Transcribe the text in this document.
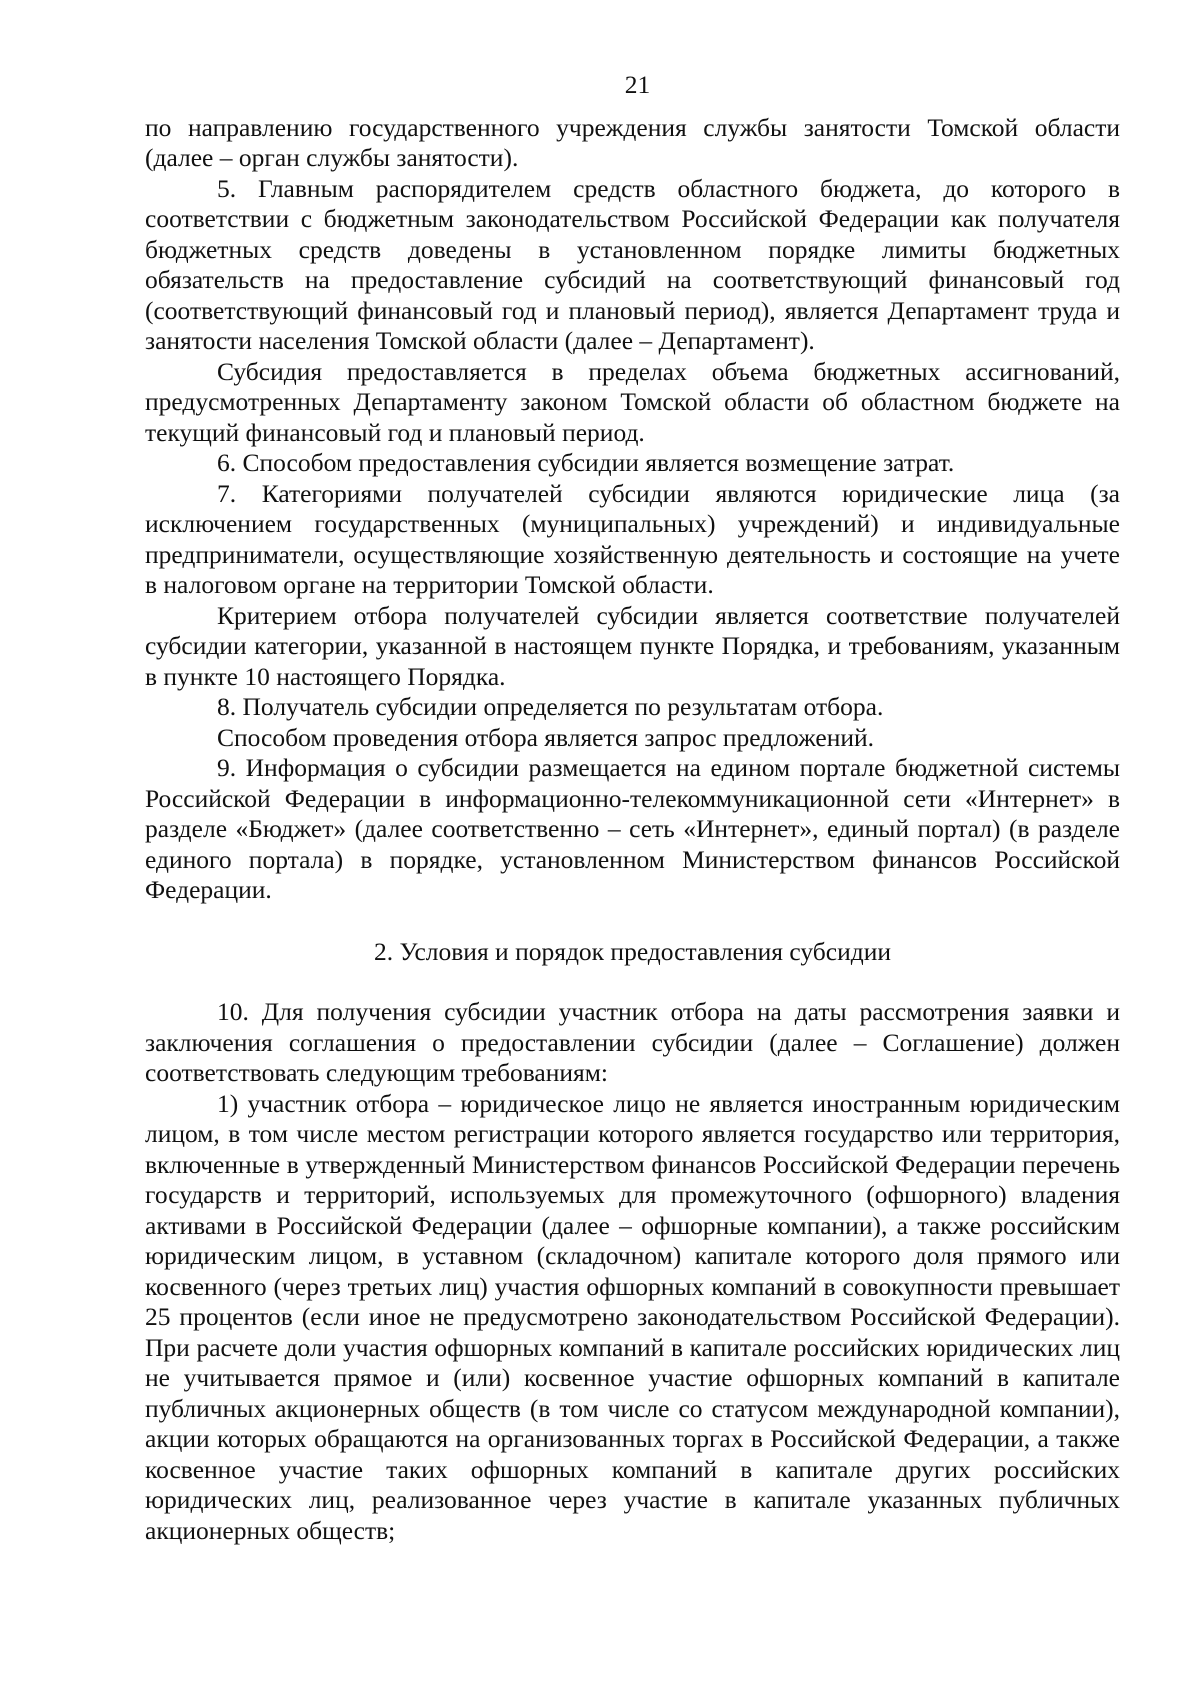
21

по направлению государственного учреждения службы занятости Томской области (далее – орган службы занятости).

5. Главным распорядителем средств областного бюджета, до которого в соответствии с бюджетным законодательством Российской Федерации как получателя бюджетных средств доведены в установленном порядке лимиты бюджетных обязательств на предоставление субсидий на соответствующий финансовый год (соответствующий финансовый год и плановый период), является Департамент труда и занятости населения Томской области (далее – Департамент).

Субсидия предоставляется в пределах объема бюджетных ассигнований, предусмотренных Департаменту законом Томской области об областном бюджете на текущий финансовый год и плановый период.

6. Способом предоставления субсидии является возмещение затрат.

7. Категориями получателей субсидии являются юридические лица (за исключением государственных (муниципальных) учреждений) и индивидуальные предприниматели, осуществляющие хозяйственную деятельность и состоящие на учете в налоговом органе на территории Томской области.

Критерием отбора получателей субсидии является соответствие получателей субсидии категории, указанной в настоящем пункте Порядка, и требованиям, указанным в пункте 10 настоящего Порядка.

8. Получатель субсидии определяется по результатам отбора.

Способом проведения отбора является запрос предложений.

9. Информация о субсидии размещается на едином портале бюджетной системы Российской Федерации в информационно-телекоммуникационной сети «Интернет» в разделе «Бюджет» (далее соответственно – сеть «Интернет», единый портал) (в разделе единого портала) в порядке, установленном Министерством финансов Российской Федерации.

2. Условия и порядок предоставления субсидии

10. Для получения субсидии участник отбора на даты рассмотрения заявки и заключения соглашения о предоставлении субсидии (далее – Соглашение) должен соответствовать следующим требованиям:

1) участник отбора – юридическое лицо не является иностранным юридическим лицом, в том числе местом регистрации которого является государство или территория, включенные в утвержденный Министерством финансов Российской Федерации перечень государств и территорий, используемых для промежуточного (офшорного) владения активами в Российской Федерации (далее – офшорные компании), а также российским юридическим лицом, в уставном (складочном) капитале которого доля прямого или косвенного (через третьих лиц) участия офшорных компаний в совокупности превышает 25 процентов (если иное не предусмотрено законодательством Российской Федерации). При расчете доли участия офшорных компаний в капитале российских юридических лиц не учитывается прямое и (или) косвенное участие офшорных компаний в капитале публичных акционерных обществ (в том числе со статусом международной компании), акции которых обращаются на организованных торгах в Российской Федерации, а также косвенное участие таких офшорных компаний в капитале других российских юридических лиц, реализованное через участие в капитале указанных публичных акционерных обществ;
